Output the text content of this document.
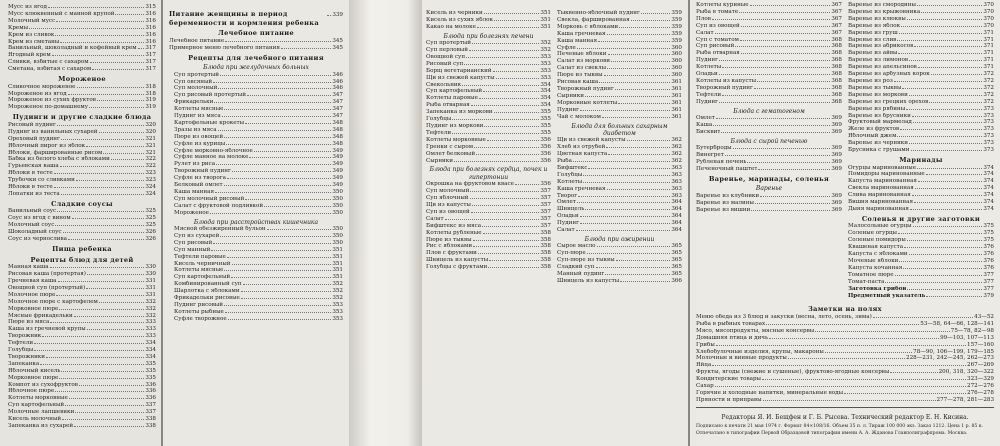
Мусс из ягод	315
Мусс клюквенный с манной крупой	316
Молочный мусс	316
Кремы	316
Крем из сливок	316
Крем из сметаны	316
Ванильный, шоколадный и кофейный крем 317
Ягодный крем	317
Сливки, взбитые с сахаром	317
Сметана, взбитая с сахаром	317
Мороженое
Сливочное мороженое	318
Мороженое из ягод	318
Мороженое из сухих фруктов	319
Мороженое по-домашнему	319
Пудинги и другие сладкие блюда
Рисовый пудинг	320
Пудинг из ванильных сухарей	320
Ореховый пудинг	321
Яблочный пирог из яблок	321
Яблоки, фаршированные рисом	321
Бабка из белого хлеба с яблоками	322
Гурьевская каша	322
Яблоки в тесте	323
Трубочки со сливками	323
Яблоки в тесте	324
Лопатки из теста	324
Сладкие соусы
Ванильный соус	325
Соус из ягод с вином	325
Молочный соус	325
Шоколадный соус	326
Соус из чернослива	326
Пища ребенка
Рецепты блюд для детей
Манная каша	330
Рисовая каша (протертая)	330
Гречневая каша	331
Овощной суп (протертый)	331
Молочное пюре	331
Молочное пюре с картофелем	332
Морковное пюре	332
Мясные фрикадельки	332
Пюре из мяса	333
Каша из гречневой крупы	333
Творожник	333
Тефтели	334
Голубцы	334
Творожники	334
Запеканка	335
Яблочный кисель	335
Морковное пюре	335
Компот из сухофруктов	336
Яблочное пюре	336
Котлеты морковные	336
Суп картофельный	337
Молочные лапшевики	337
Кисель молочный	338
Запеканка из сухарей	338
Питание женщины в период беременности и кормления ребенка
339
Лечебное питание
Лечебное питание	345
Примерное меню лечебного питания	345
Рецепты для лечебного питания
Блюда при желудочных больных
Суп протертый	346
Суп овсяный	346
Суп молочный	346
Суп рисовый протертый	347
Фрикадельки	347
Котлеты мясные	347
Пудинг из мяса	347
Картофельные крокеты	348
Зразы из мяса	348
Пюре из овощей	348
Суфле из курицы	348
Суфле морковно-яблочное	349
Суфле манное на молоке	349
Рулет из риса	349
Творожный пудинг	349
Суфле из творога	349
Белковый омлет	349
Каша манная	350
Суп молочный рисовый	350
Салат с фруктовой подливкой	350
Мороженое	350
Блюда при расстройствах кишечника
Мясной обезжиренный бульон	350
Суп из сухарей	350
Суп рисовый	350
Суп манный	351
Тефтели паровые	351
Кисель черничный	351
Котлеты мясные	351
Суп картофельный	351
Комбинированный суп	352
Шарлотка с яблоками	352
Фрикадельки рисовые	352
Пудинг рисовый	353
Котлеты рыбные	353
Суфле творожное	353
Кисель из черники	351
Кисель из сухих яблок	351
Какао на молоке	351
Блюда при болезнях печени
Суп протертый	352
Суп перловый	352
Овощной суп	353
Рисовый суп	353
Борщ вегетарианский	353
Щи из свежей капусты	353
Свекольник	354
Суп картофельный	354
Котлеты паровые	354
Рыба отварная	354
Запеканка из моркови	355
Голубцы	355
Пудинг из моркови	355
Тефтели	355
Котлеты морковные	356
Гренки с сыром	356
Омлет белковый	356
Сырники	356
Блюда при болезнях сердца, почек и гипертонии
Окрошка на фруктовом квасе	356
Суп молочный	357
Суп яблочный	357
Щи из капусты	357
Суп из овощей	357
Салат	357
Бифштекс из мяса	357
Котлеты рубленые	358
Пюре из тыквы	358
Рис с яблоками	358
Плов с фруктами	358
Шницель из капусты	358
Голубцы с фруктами	358
Тыквенно-яблочный пудинг	359
Свекла, фаршированная	359
Морковь с яблоками	359
Каша гречневая	359
Каша манная	359
Суфле	360
Печеные яблоки	360
Салат из моркови	360
Салат из свеклы	360
Пюре из тыквы	360
Рисовая каша	361
Творожный пудинг	361
Сырники	361
Морковные котлеты	361
Пудинг	361
Чай с молоком	361
Блюда для больных сахарным диабетом
Щи из свежей капусты	362
Хлеб из отрубей	362
Цветная капуста	362
Рыба	362
Бифштекс	363
Голубцы	363
Котлеты	363
Каша гречневая	363
Творог	363
Омлет	364
Шницель	364
Оладьи	364
Пудинг	364
Салат	364
Блюда при ожирении
Сырое масло	365
Суп-пюре	365
Суп-пюре из тыквы	365
Сладкий суп	365
Манный пудинг	365
Шницель из капусты	366
Котлеты куриные	367
Рыба в томате	367
Плов	367
Суп из овощей	367
Салат	367
Суп с томатом	368
Суп рисовый	368
Рыба отварная	368
Пудинг	368
Котлеты	368
Оладьи	368
Котлеты из капусты	368
Творожный пудинг	368
Тефтели	368
Пудинг	368
Блюда с гематогеном
Омлет	369
Каша	369
Бисквит	369
Блюда с сырой печенью
Бутерброды	369
Винегрет	369
Рубленая печень	369
Печеночный паштет	369
Варенье, маринады, соленья
Варенье
Варенье из клубники	369
Варенье из малины	369
Варенье из вишни	369
Варенье из смородины	370
Варенье из крыжовника	370
Варенье из клюквы	370
Варенье из яблок	370
Варенье из груш	371
Варенье из слив	371
Варенье из абрикосов	371
Варенье из айвы	371
Варенье из лимонов	371
Варенье из апельсинов	371
Варенье из арбузных корок	372
Варенье из роз	372
Варенье из тыквы	372
Варенье из моркови	372
Варенье из грецких орехов	372
Варенье из рябины	373
Варенье из брусники	373
Фруктовый мармелад	373
Желе из фруктов	373
Яблочный джем	373
Варенье из черники	373
Брусника с грушами	373
Маринады
Огурцы маринованные	374
Помидоры маринованные	374
Капуста маринованная	374
Свекла маринованная	374
Слива маринованная	374
Вишня маринованная	374
Дыня маринованная	374
Соленья и другие заготовки
Малосольные огурцы	375
Соленые огурцы	375
Соленые помидоры	375
Квашеная капуста	376
Капуста с яблоками	376
Моченые яблоки	376
Капуста кочанная	376
Томатное пюре	377
Томат-паста	377
Заготовка грибов	377
Предметный указатель	379
Заметки на полях
Меню обеда из 3 блюд и закуски (весна, лето, осень, зима)	43—52
Рыба в рыбных товарах	53—58, 64—66, 128—141
Мясо, мясопродукты, мясные консервы	75—78, 82—98
Домашняя птица и дичь	99—103, 107—113
Грибы	157—160
Хлебобулочные изделия, крупы, макароны	78—90, 106—199, 179—185
Молочные и винные продукты	228—231, 242—245, 262—273
Яйца	267—269
Фрукты, ягоды (свежие и сушеные), фруктово-ягодные консервы	200, 318, 320—322
Кондитерские товары	323—329
Сахар	272—276
Горячие и холодные напитки, минеральные воды	276—278
Пряности и приправы	277—278, 281—283
Редакторы Я. И. Бещфен и Г. Б. Рысева. Технический редактор Е. Н. Кисина.
Подписано к печати 21 мая 1974 г. Формат 84×108/16. Объем 35 п. л. Тираж 100 000 экз. Заказ 1212. Цена 1 р. 85 к.
Отпечатано в типографии Первой Образцовой типографии имени А. А. Жданова Главполиграфпрома. Москва.
